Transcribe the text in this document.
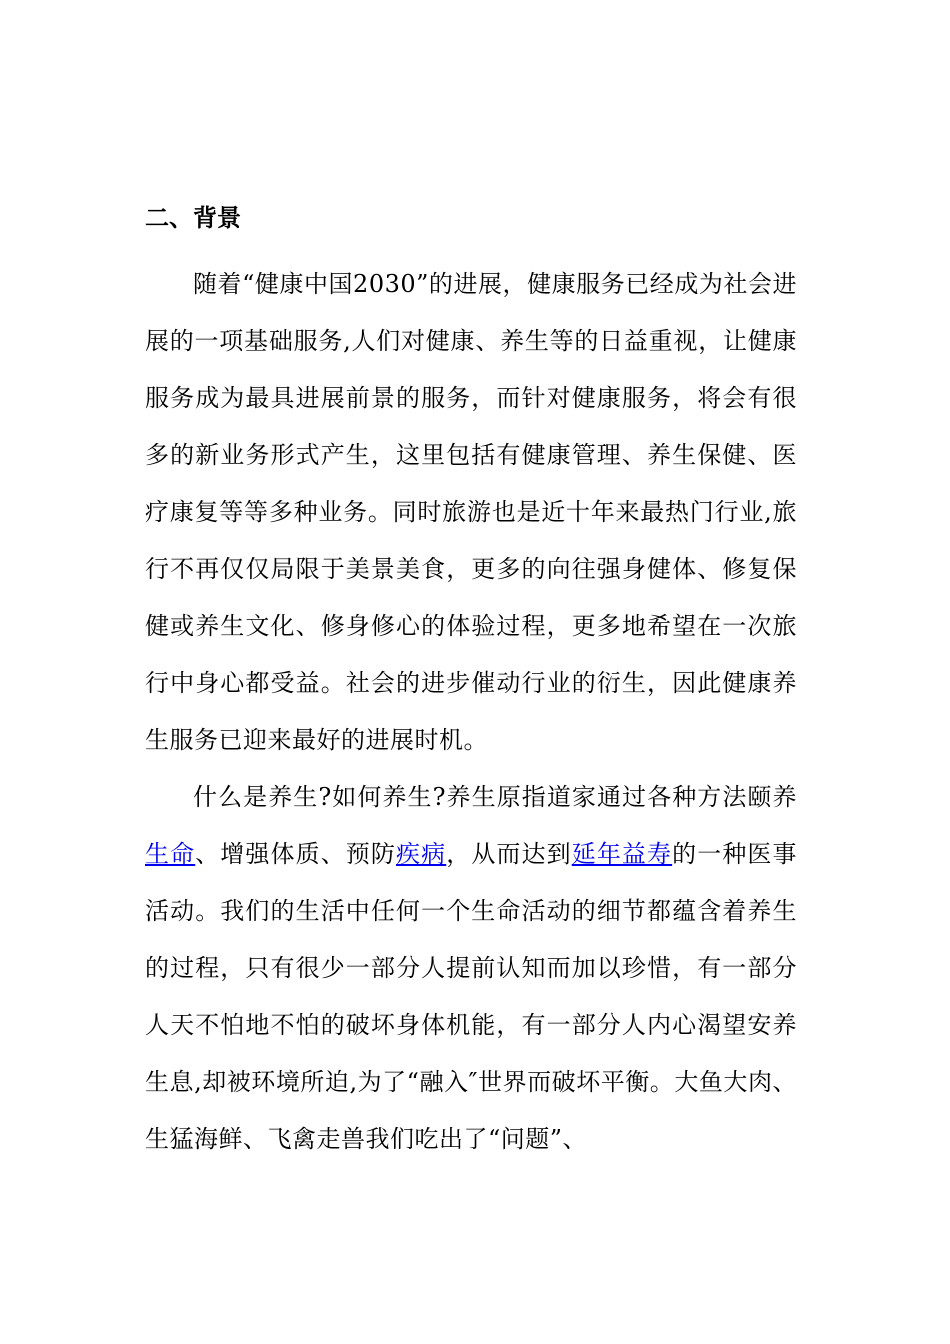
二、背景

随着“健康中国2030”的进展，健康服务已经成为社会进展的一项基础服务,人们对健康、养生等的日益重视，让健康服务成为最具进展前景的服务，而针对健康服务，将会有很多的新业务形式产生，这里包括有健康管理、养生保健、医疗康复等等多种业务。同时旅游也是近十年来最热门行业,旅行不再仅仅局限于美景美食，更多的向往强身健体、修复保健或养生文化、修身修心的体验过程，更多地希望在一次旅行中身心都受益。社会的进步催动行业的衍生，因此健康养生服务已迎来最好的进展时机。

什么是养生?如何养生?养生原指道家通过各种方法颐养生命、增强体质、预防疾病，从而达到延年益寿的一种医事活动。我们的生活中任何一个生命活动的细节都蕴含着养生的过程，只有很少一部分人提前认知而加以珍惜，有一部分人天不怕地不怕的破坏身体机能，有一部分人内心渴望安养生息,却被环境所迫,为了“融入″世界而破坏平衡。大鱼大肉、生猛海鲜、飞禽走兽我们吃出了“问题”、
